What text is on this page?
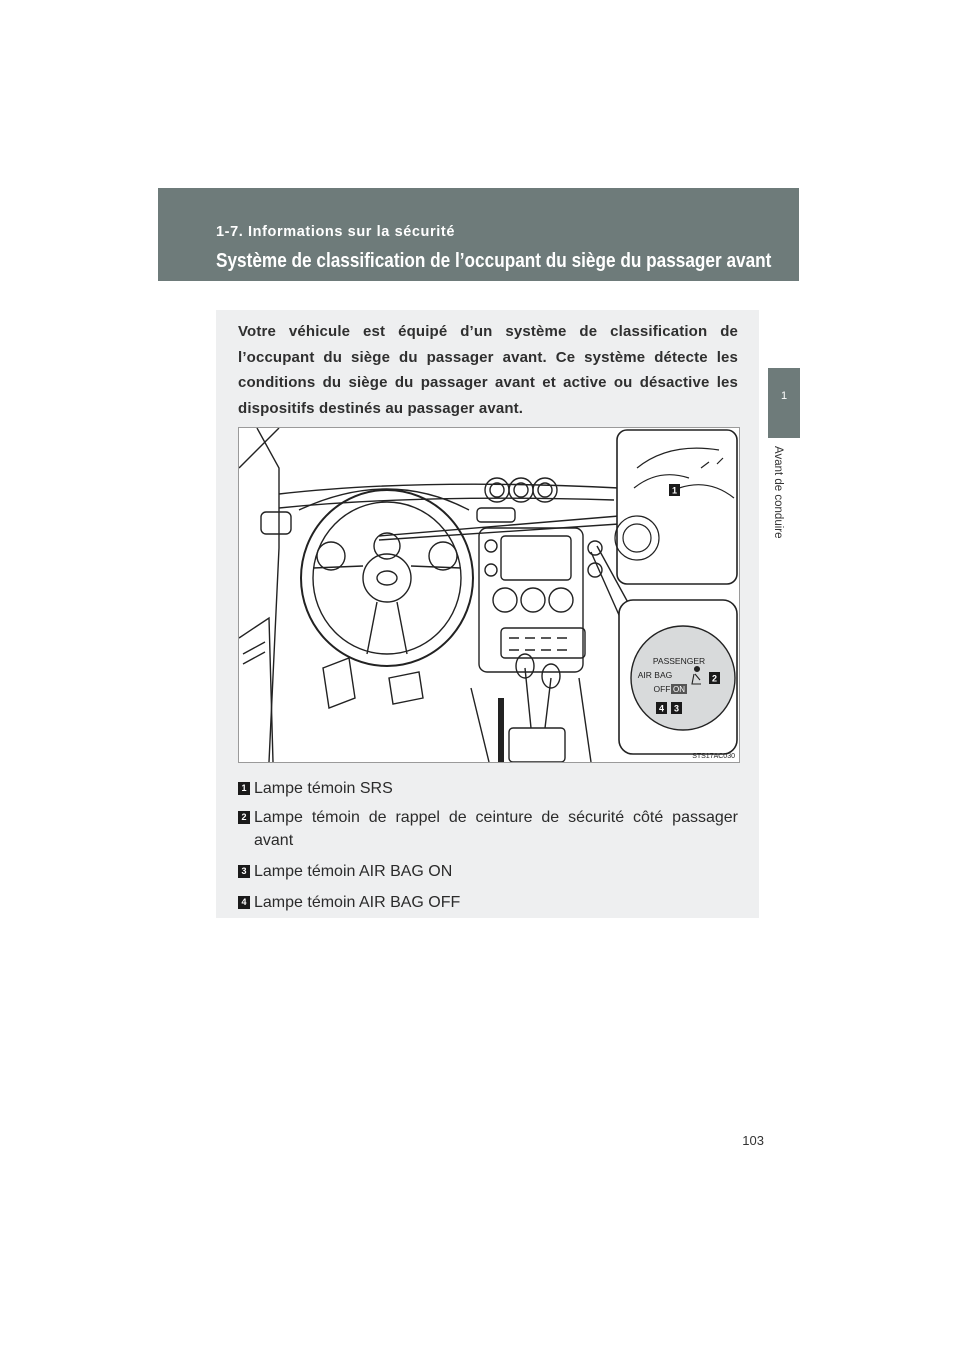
1-7. Informations sur la sécurité
Système de classification de l’occupant du siège du passager avant
1
Avant de conduire
Votre véhicule est équipé d’un système de classification de l’occupant du siège du passager avant. Ce système détecte les conditions du siège du passager avant et active ou désactive les dispositifs destinés au passager avant.
1
PASSENGER
AIR BAG
OFF ON
2
3
4
STS17AC030
1 Lampe témoin SRS
2 Lampe témoin de rappel de ceinture de sécurité côté passager avant
3 Lampe témoin AIR BAG ON
4 Lampe témoin AIR BAG OFF
103
